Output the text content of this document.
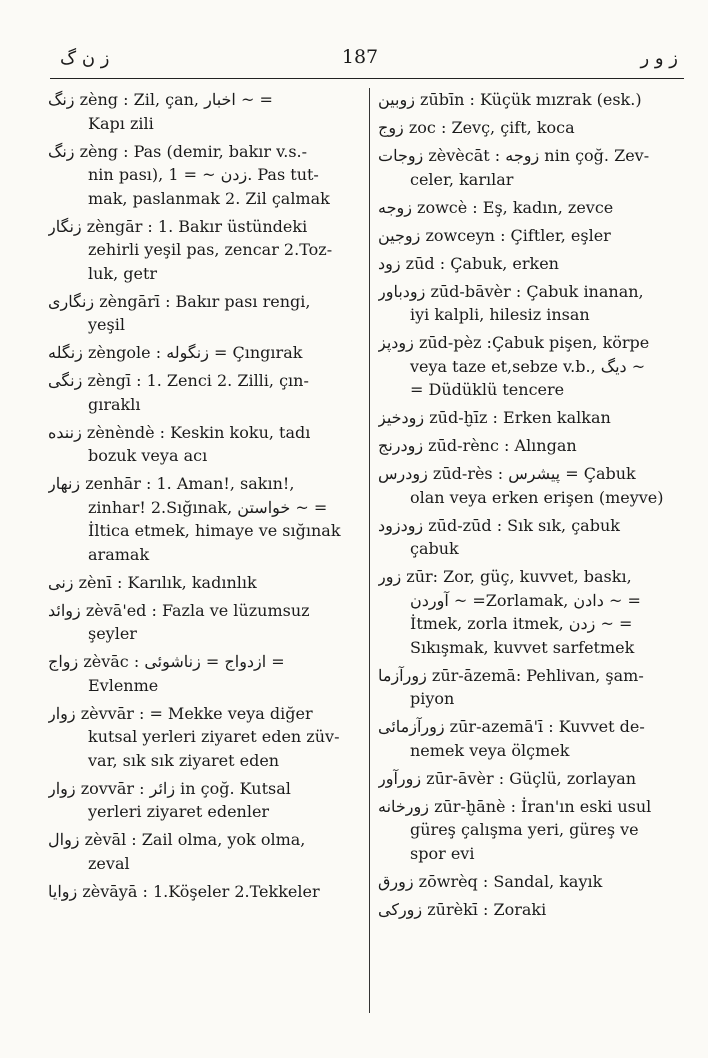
ز ن گ	187	ز و ر
زنگ zèng : Zil, çan, اخبار ~ =
Kapı zili
زنگ zèng : Pas (demir, bakır v.s.-
nin pası), زدن ~ = 1. Pas tut-
mak, paslanmak 2. Zil çalmak
زنگار zèngār : 1. Bakır üstündeki
zehirli yeşil pas, zencar 2.Toz-
luk, getr
زنگاری zèngārī : Bakır pası rengi,
yeşil
زنگله zèngole : زنگوله = Çıngırak
زنگی zèngī : 1. Zenci 2. Zilli, çın-
gıraklı
زننده zènèndè : Keskin koku, tadı
bozuk veya acı
زنهار zenhār : 1. Aman!, sakın!,
zinhar! 2.Sığınak, خواستن ~ =
İltica etmek, himaye ve sığınak
aramak
زنی zènī : Karılık, kadınlık
زوائد zèvā'ed : Fazla ve lüzumsuz
şeyler
زواج zèvāc : ازدواج = زناشوئی =
Evlenme
زوار zèvvār : = Mekke veya diğer
kutsal yerleri ziyaret eden züv-
var, sık sık ziyaret eden
زوار zovvār : زائر in çoğ. Kutsal
yerleri ziyaret edenler
زوال zèvāl : Zail olma, yok olma,
zeval
زوایا zèvāyā : 1.Köşeler 2.Tekkeler
زوبین zūbīn : Küçük mızrak (esk.)
زوج zoc : Zevç, çift, koca
زوجات zèvècāt : زوجه nin çoğ. Zev-
celer, karılar
زوجه zowcè : Eş, kadın, zevce
زوجین zowceyn : Çiftler, eşler
زود zūd : Çabuk, erken
زودباور zūd-bāvèr : Çabuk inanan,
iyi kalpli, hilesiz insan
زودپز zūd-pèz :Çabuk pişen, körpe
veya taze et,sebze v.b., دیگ ~
= Düdüklü tencere
زودخیز zūd-ḫīz : Erken kalkan
زودرنج zūd-rènc : Alıngan
زودرس zūd-rès : پیشرس = Çabuk
olan veya erken erişen (meyve)
زودزود zūd-zūd : Sık sık, çabuk
çabuk
زور zūr: Zor, güç, kuvvet, baskı,
آوردن ~ =Zorlamak, دادن ~ =
İtmek, zorla itmek, زدن ~ =
Sıkışmak, kuvvet sarfetmek
زورآزما zūr-āzemā: Pehlivan, şam-
piyon
زورآزمائی zūr-azemā'ī : Kuvvet de-
nemek veya ölçmek
زورآور zūr-āvèr : Güçlü, zorlayan
زورخانه zūr-ḫānè : İran'ın eski usul
güreş çalışma yeri, güreş ve
spor evi
زورق zōwrèq : Sandal, kayık
زورکی zūrèkī : Zoraki
